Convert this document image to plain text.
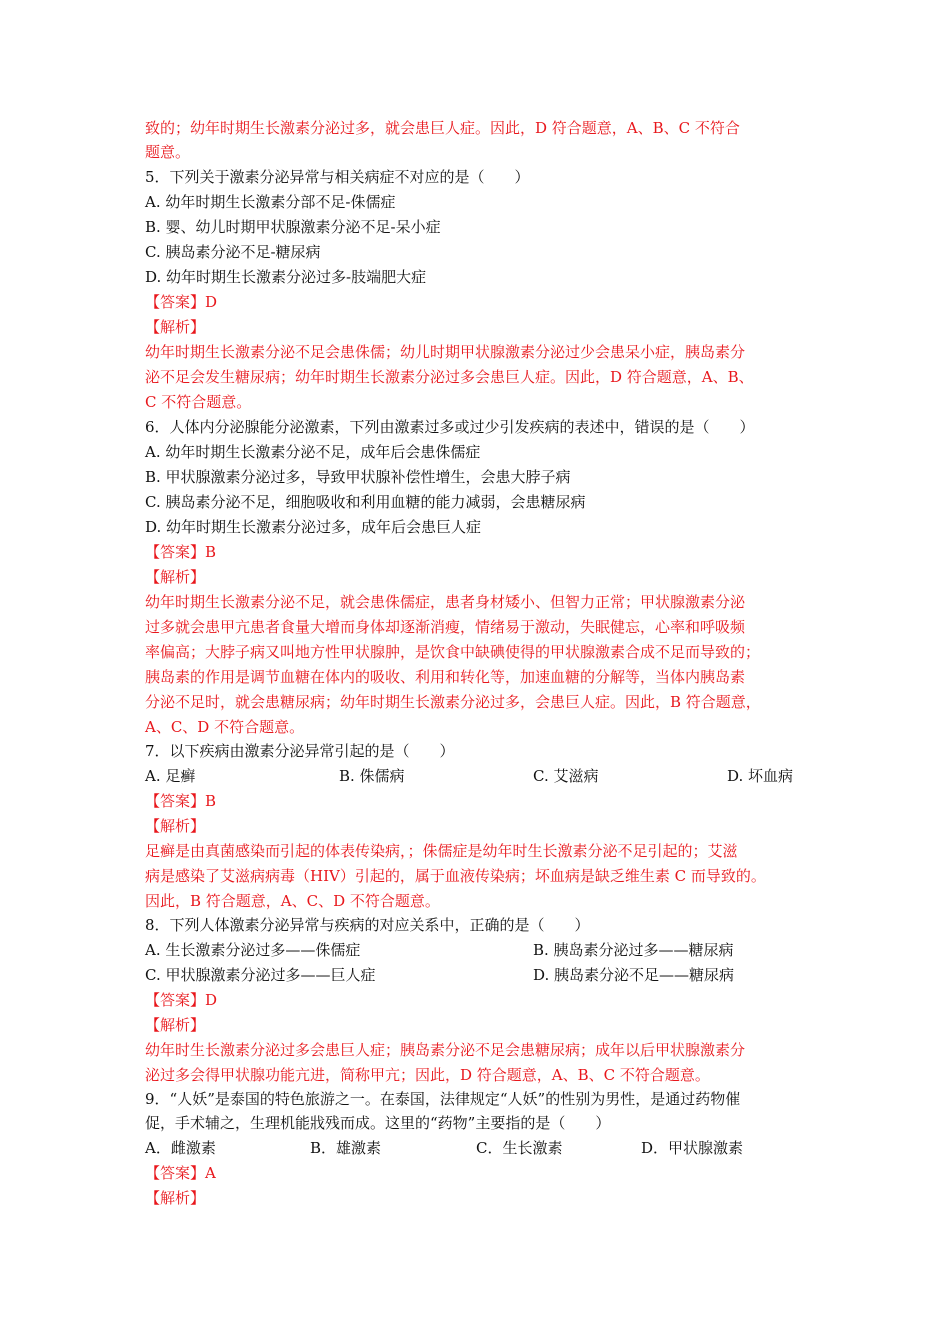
致的；幼年时期生长激素分泌过多，就会患巨人症。因此，D 符合题意，A、B、C 不符合
题意。
5．下列关于激素分泌异常与相关病症不对应的是（　　）
A. 幼年时期生长激素分部不足-侏儒症
B. 婴、幼儿时期甲状腺激素分泌不足-呆小症
C. 胰岛素分泌不足-糖尿病
D. 幼年时期生长激素分泌过多-肢端肥大症
【答案】D
【解析】
幼年时期生长激素分泌不足会患侏儒；幼儿时期甲状腺激素分泌过少会患呆小症，胰岛素分
泌不足会发生糖尿病；幼年时期生长激素分泌过多会患巨人症。因此，D 符合题意，A、B、
C 不符合题意。
6．人体内分泌腺能分泌激素，下列由激素过多或过少引发疾病的表述中，错误的是（　　）
A. 幼年时期生长激素分泌不足，成年后会患侏儒症
B. 甲状腺激素分泌过多，导致甲状腺补偿性增生，会患大脖子病
C. 胰岛素分泌不足，细胞吸收和利用血糖的能力减弱，会患糖尿病
D. 幼年时期生长激素分泌过多，成年后会患巨人症
【答案】B
【解析】
幼年时期生长激素分泌不足，就会患侏儒症，患者身材矮小、但智力正常；甲状腺激素分泌
过多就会患甲亢患者食量大增而身体却逐渐消瘦，情绪易于激动，失眠健忘，心率和呼吸频
率偏高；大脖子病又叫地方性甲状腺肿，是饮食中缺碘使得的甲状腺激素合成不足而导致的；
胰岛素的作用是调节血糖在体内的吸收、利用和转化等，加速血糖的分解等，当体内胰岛素
分泌不足时，就会患糖尿病；幼年时期生长激素分泌过多，会患巨人症。因此，B 符合题意，
A、C、D 不符合题意。
7．以下疾病由激素分泌异常引起的是（　　）
A. 足癣	B. 侏儒病	C. 艾滋病	D. 坏血病
【答案】B
【解析】
足癣是由真菌感染而引起的体表传染病，；侏儒症是幼年时生长激素分泌不足引起的；艾滋
病是感染了艾滋病病毒（HIV）引起的，属于血液传染病；坏血病是缺乏维生素 C 而导致的。
因此，B 符合题意，A、C、D 不符合题意。
8．下列人体激素分泌异常与疾病的对应关系中，正确的是（　　）
A. 生长激素分泌过多——侏儒症	B. 胰岛素分泌过多——糖尿病
C. 甲状腺激素分泌过多——巨人症	D. 胰岛素分泌不足——糖尿病
【答案】D
【解析】
幼年时生长激素分泌过多会患巨人症；胰岛素分泌不足会患糖尿病；成年以后甲状腺激素分
泌过多会得甲状腺功能亢进，简称甲亢；因此，D 符合题意，A、B、C 不符合题意。
9．“人妖”是泰国的特色旅游之一。在泰国，法律规定“人妖”的性别为男性，是通过药物催
促，手术辅之，生理机能戕残而成。这里的“药物”主要指的是（　　）
A．雌激素	B．雄激素	C．生长激素	D．甲状腺激素
【答案】A
【解析】
